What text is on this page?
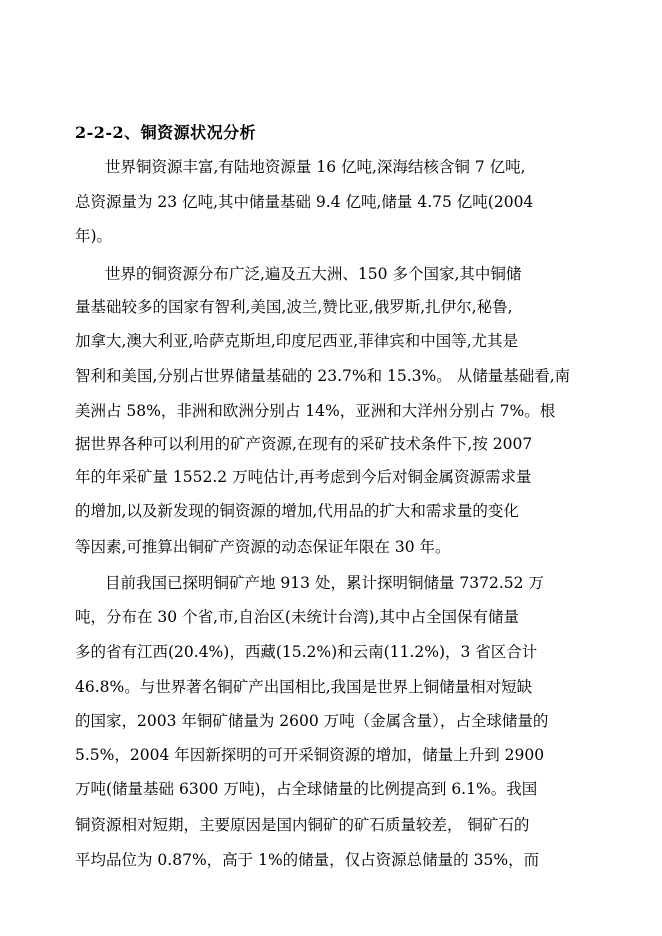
2-2-2、铜资源状况分析
世界铜资源丰富,有陆地资源量 16 亿吨,深海结核含铜 7 亿吨,
总资源量为 23 亿吨,其中储量基础 9.4 亿吨,储量 4.75 亿吨(2004
年)。
世界的铜资源分布广泛,遍及五大洲、150 多个国家,其中铜储
量基础较多的国家有智利,美国,波兰,赞比亚,俄罗斯,扎伊尔,秘鲁,
加拿大,澳大利亚,哈萨克斯坦,印度尼西亚,菲律宾和中国等,尤其是
智利和美国,分别占世界储量基础的 23.7%和 15.3%。 从储量基础看,南
美洲占 58%，非洲和欧洲分别占 14%，亚洲和大洋州分别占 7%。根
据世界各种可以利用的矿产资源,在现有的采矿技术条件下,按 2007
年的年采矿量 1552.2 万吨估计,再考虑到今后对铜金属资源需求量
的增加,以及新发现的铜资源的增加,代用品的扩大和需求量的变化
等因素,可推算出铜矿产资源的动态保证年限在 30 年。
目前我国已探明铜矿产地 913 处，累计探明铜储量 7372.52 万
吨，分布在 30 个省,市,自治区(未统计台湾),其中占全国保有储量
多的省有江西(20.4%)，西藏(15.2%)和云南(11.2%)，3 省区合计
46.8%。与世界著名铜矿产出国相比,我国是世界上铜储量相对短缺
的国家，2003 年铜矿储量为 2600 万吨（金属含量），占全球储量的
5.5%，2004 年因新探明的可开采铜资源的增加，储量上升到 2900
万吨(储量基础 6300 万吨)，占全球储量的比例提高到 6.1%。我国
铜资源相对短期，主要原因是国内铜矿的矿石质量较差， 铜矿石的
平均品位为 0.87%，高于 1%的储量，仅占资源总储量的 35%，而
